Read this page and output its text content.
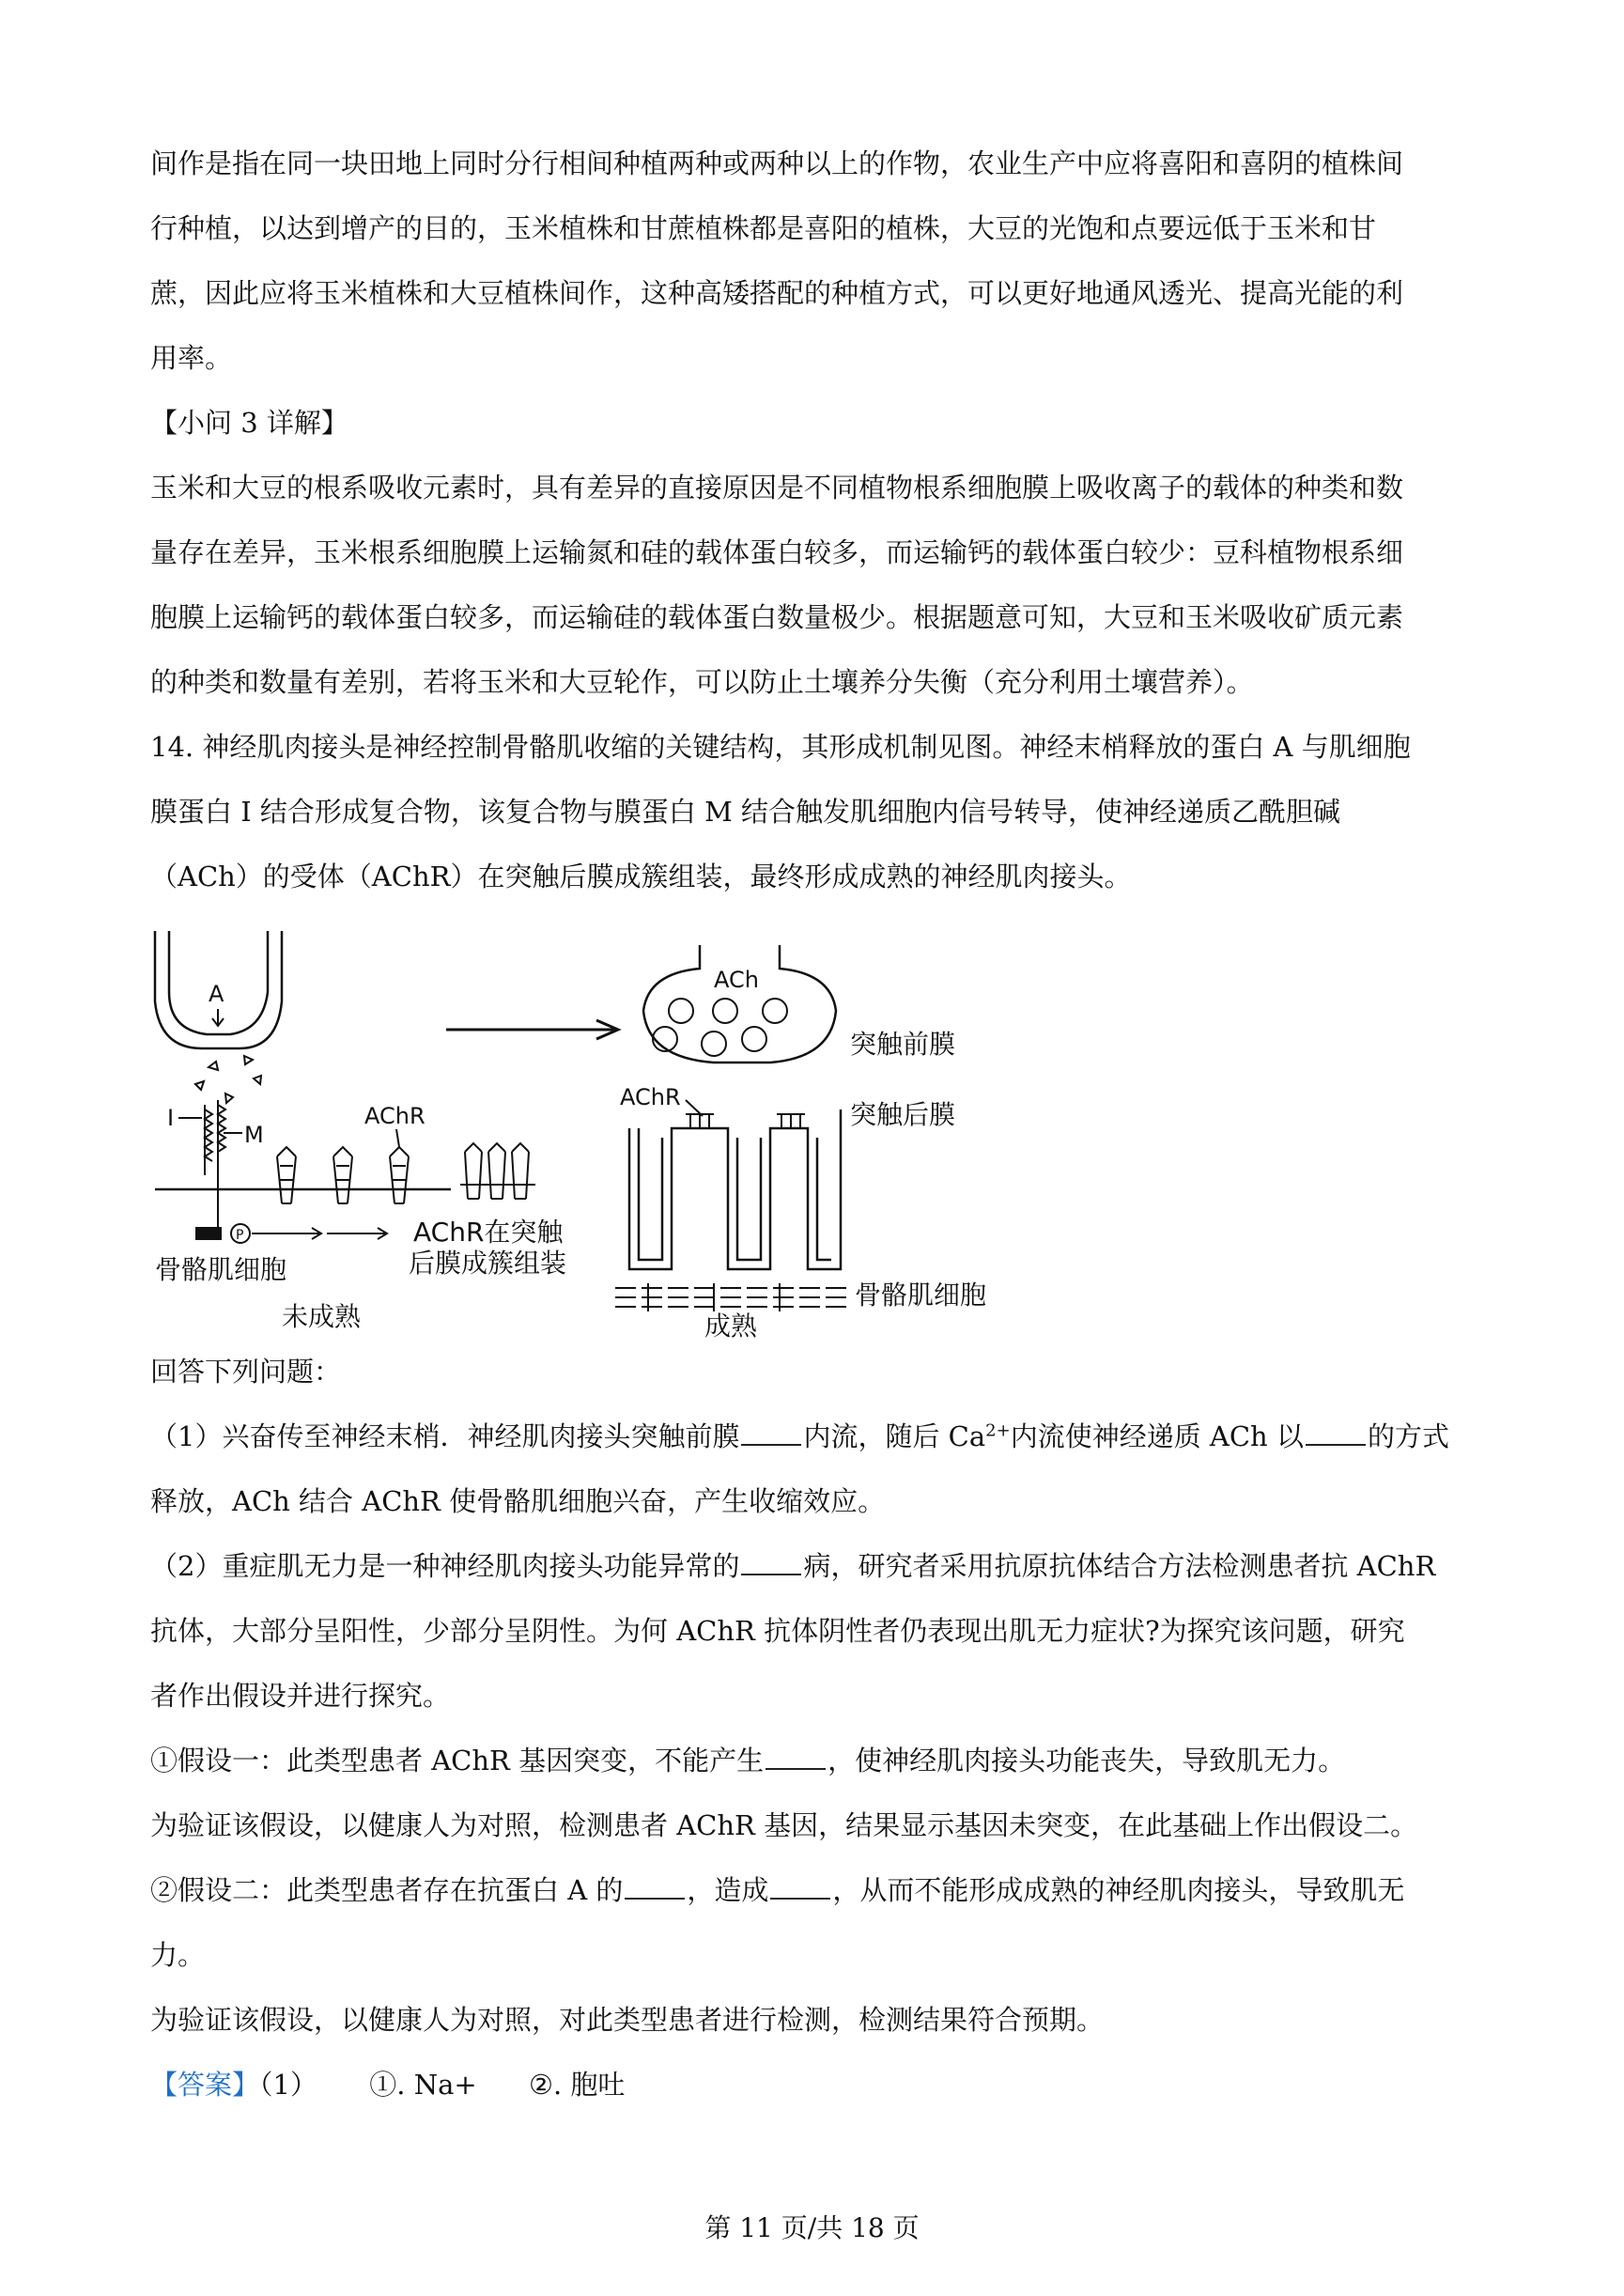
间作是指在同一块田地上同时分行相间种植两种或两种以上的作物，农业生产中应将喜阳和喜阴的植株间

行种植，以达到增产的目的，玉米植株和甘蔗植株都是喜阳的植株，大豆的光饱和点要远低于玉米和甘

蔗，因此应将玉米植株和大豆植株间作，这种高矮搭配的种植方式，可以更好地通风透光、提高光能的利

用率。

【小问 3 详解】

玉米和大豆的根系吸收元素时，具有差异的直接原因是不同植物根系细胞膜上吸收离子的载体的种类和数

量存在差异，玉米根系细胞膜上运输氮和硅的载体蛋白较多，而运输钙的载体蛋白较少：豆科植物根系细

胞膜上运输钙的载体蛋白较多，而运输硅的载体蛋白数量极少。根据题意可知，大豆和玉米吸收矿质元素

的种类和数量有差别，若将玉米和大豆轮作，可以防止土壤养分失衡（充分利用土壤营养）。

14. 神经肌肉接头是神经控制骨骼肌收缩的关键结构，其形成机制见图。神经末梢释放的蛋白 A 与肌细胞

膜蛋白 I 结合形成复合物，该复合物与膜蛋白 M 结合触发肌细胞内信号转导，使神经递质乙酰胆碱

（ACh）的受体（AChR）在突触后膜成簇组装，最终形成成熟的神经肌肉接头。

A
I
M
P
AChR
AChR在突触
后膜成簇组装
骨骼肌细胞
未成熟
ACh
突触前膜
AChR
突触后膜
骨骼肌细胞
成熟

回答下列问题：

（1）兴奋传至神经末梢．神经肌肉接头突触前膜 内流，随后 $Ca^{2+}$内流使神经递质 ACh 以 的方式

释放，ACh 结合 AChR 使骨骼肌细胞兴奋，产生收缩效应。

（2）重症肌无力是一种神经肌肉接头功能异常的 病，研究者采用抗原抗体结合方法检测患者抗 AChR

抗体，大部分呈阳性，少部分呈阴性。为何 AChR 抗体阴性者仍表现出肌无力症状?为探究该问题，研究

者作出假设并进行探究。

①假设一：此类型患者 AChR 基因突变，不能产生 ，使神经肌肉接头功能丧失，导致肌无力。

为验证该假设，以健康人为对照，检测患者 AChR 基因，结果显示基因未突变，在此基础上作出假设二。

②假设二：此类型患者存在抗蛋白 A 的 ，造成 ，从而不能形成成熟的神经肌肉接头，导致肌无

力。

为验证该假设，以健康人为对照，对此类型患者进行检测，检测结果符合预期。

【答案】（1） ①. Na+ ②. 胞吐

第 11 页/共 18 页
